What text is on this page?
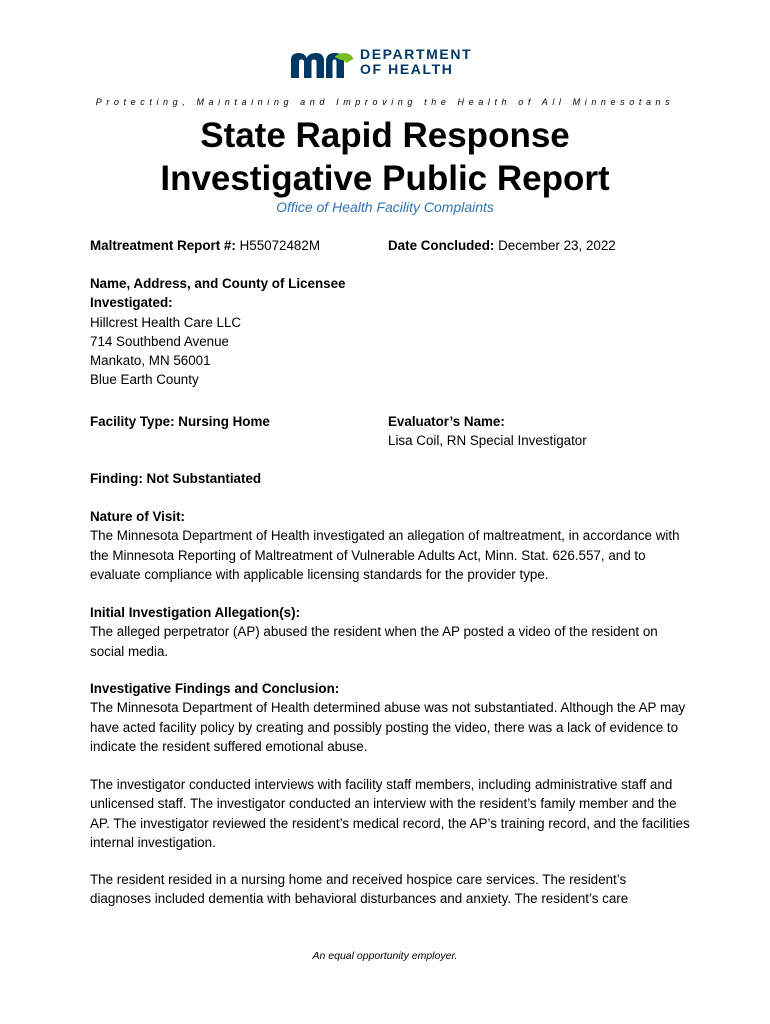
DEPARTMENT
OF HEALTH
Protecting, Maintaining and Improving the Health of All Minnesotans
State Rapid Response
Investigative Public Report
Office of Health Facility Complaints
Maltreatment Report #: H55072482M	Date Concluded: December 23, 2022
Name, Address, and County of Licensee
Investigated:
Hillcrest Health Care LLC
714 Southbend Avenue
Mankato, MN 56001
Blue Earth County
Facility Type: Nursing Home	Evaluator’s Name:
Lisa Coil, RN Special Investigator
Finding: Not Substantiated
Nature of Visit:
The Minnesota Department of Health investigated an allegation of maltreatment, in accordance with the Minnesota Reporting of Maltreatment of Vulnerable Adults Act, Minn. Stat. 626.557, and to evaluate compliance with applicable licensing standards for the provider type.
Initial Investigation Allegation(s):
The alleged perpetrator (AP) abused the resident when the AP posted a video of the resident on social media.
Investigative Findings and Conclusion:
The Minnesota Department of Health determined abuse was not substantiated. Although the AP may have acted facility policy by creating and possibly posting the video, there was a lack of evidence to indicate the resident suffered emotional abuse.
The investigator conducted interviews with facility staff members, including administrative staff and unlicensed staff. The investigator conducted an interview with the resident’s family member and the AP. The investigator reviewed the resident’s medical record, the AP’s training record, and the facilities internal investigation.
The resident resided in a nursing home and received hospice care services. The resident’s diagnoses included dementia with behavioral disturbances and anxiety. The resident’s care
An equal opportunity employer.
